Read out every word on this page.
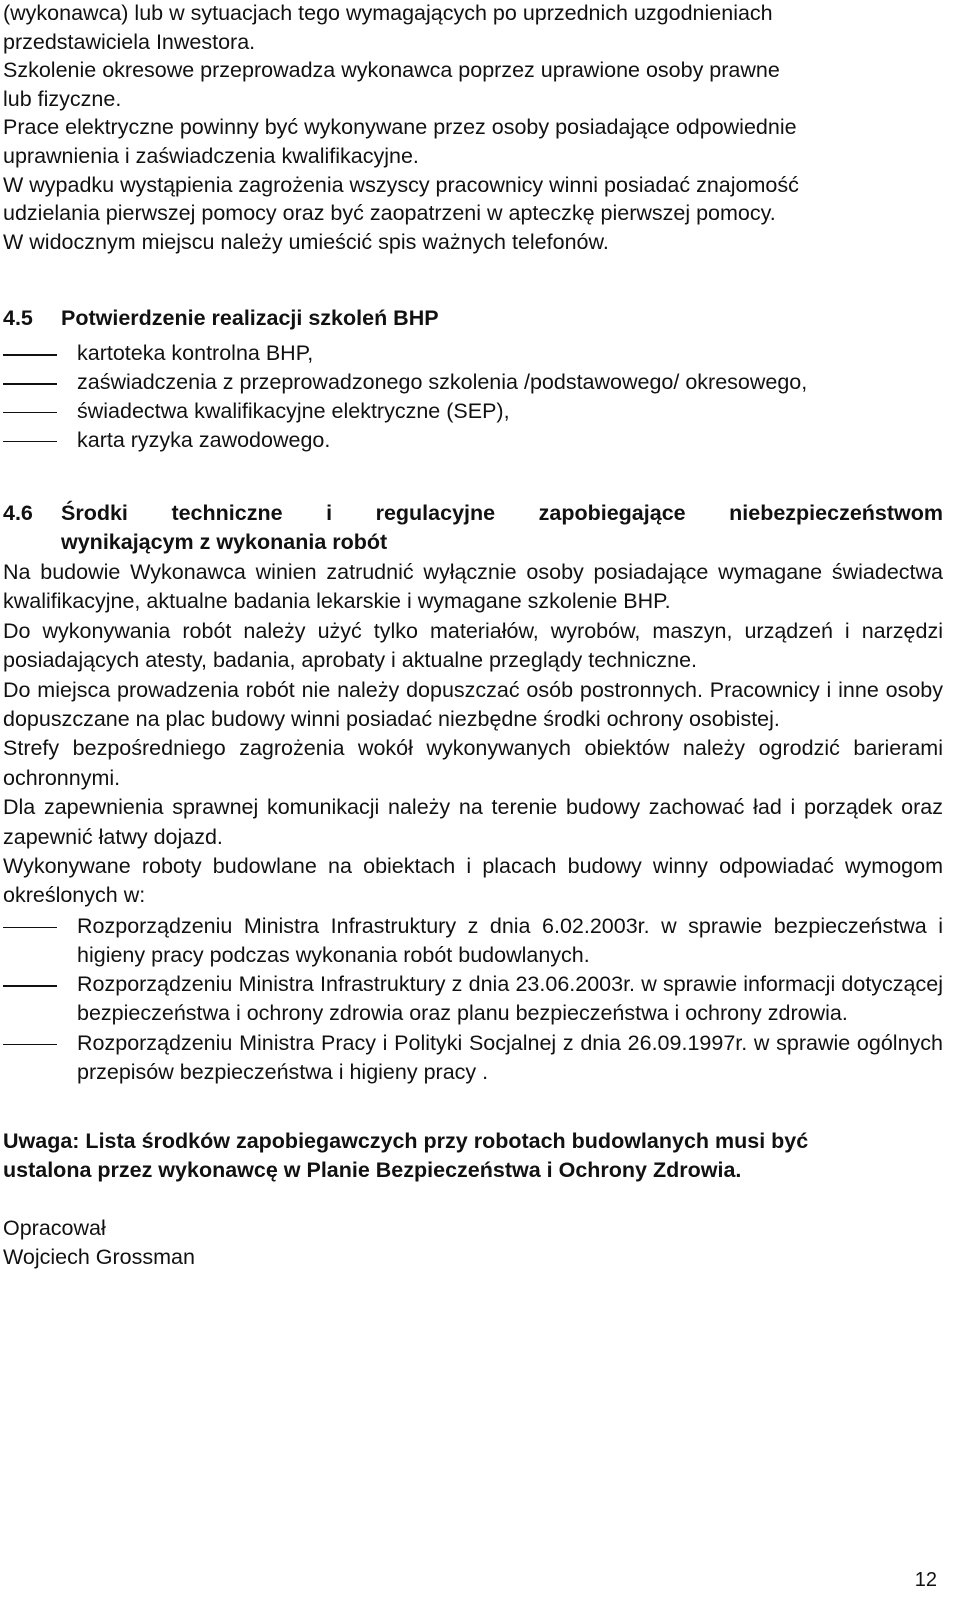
(wykonawca) lub w sytuacjach tego wymagających po uprzednich uzgodnieniach

przedstawiciela Inwestora.

Szkolenie okresowe przeprowadza wykonawca poprzez uprawione osoby prawne

lub fizyczne.

Prace elektryczne powinny być wykonywane przez osoby posiadające odpowiednie

uprawnienia i zaświadczenia kwalifikacyjne.

W wypadku wystąpienia zagrożenia wszyscy pracownicy winni posiadać znajomość

udzielania pierwszej pomocy oraz być zaopatrzeni w apteczkę pierwszej pomocy.

W widocznym miejscu należy umieścić spis ważnych telefonów.

4.5 Potwierdzenie realizacji szkoleń BHP

kartoteka kontrolna BHP,
zaświadczenia z przeprowadzonego szkolenia /podstawowego/ okresowego,
świadectwa kwalifikacyjne elektryczne (SEP),
karta ryzyka zawodowego.

4.6 Środki techniczne i regulacyjne zapobiegające niebezpieczeństwom

wynikającym z wykonania robót

Na budowie Wykonawca winien zatrudnić wyłącznie osoby posiadające wymagane świadectwa kwalifikacyjne, aktualne badania lekarskie i wymagane szkolenie BHP.

Do wykonywania robót należy użyć tylko materiałów, wyrobów, maszyn, urządzeń i narzędzi posiadających atesty, badania, aprobaty i aktualne przeglądy techniczne.

Do miejsca prowadzenia robót nie należy dopuszczać osób postronnych. Pracownicy i inne osoby dopuszczane na plac budowy winni posiadać niezbędne środki ochrony osobistej.

Strefy bezpośredniego zagrożenia wokół wykonywanych obiektów należy ogrodzić barierami ochronnymi.

Dla zapewnienia sprawnej komunikacji należy na terenie budowy zachować ład i porządek oraz zapewnić łatwy dojazd.

Wykonywane roboty budowlane na obiektach i placach budowy winny odpowiadać wymogom określonych w:

Rozporządzeniu Ministra Infrastruktury z dnia 6.02.2003r. w sprawie bezpieczeństwa i higieny pracy podczas wykonania robót budowlanych.
Rozporządzeniu Ministra Infrastruktury z dnia 23.06.2003r. w sprawie informacji dotyczącej bezpieczeństwa i ochrony zdrowia oraz planu bezpieczeństwa i ochrony zdrowia.
Rozporządzeniu Ministra Pracy i Polityki Socjalnej z dnia 26.09.1997r. w sprawie ogólnych przepisów bezpieczeństwa i higieny pracy .

Uwaga: Lista środków zapobiegawczych przy robotach budowlanych musi być

ustalona przez wykonawcę w Planie Bezpieczeństwa i Ochrony Zdrowia.

Opracował

Wojciech Grossman

12
